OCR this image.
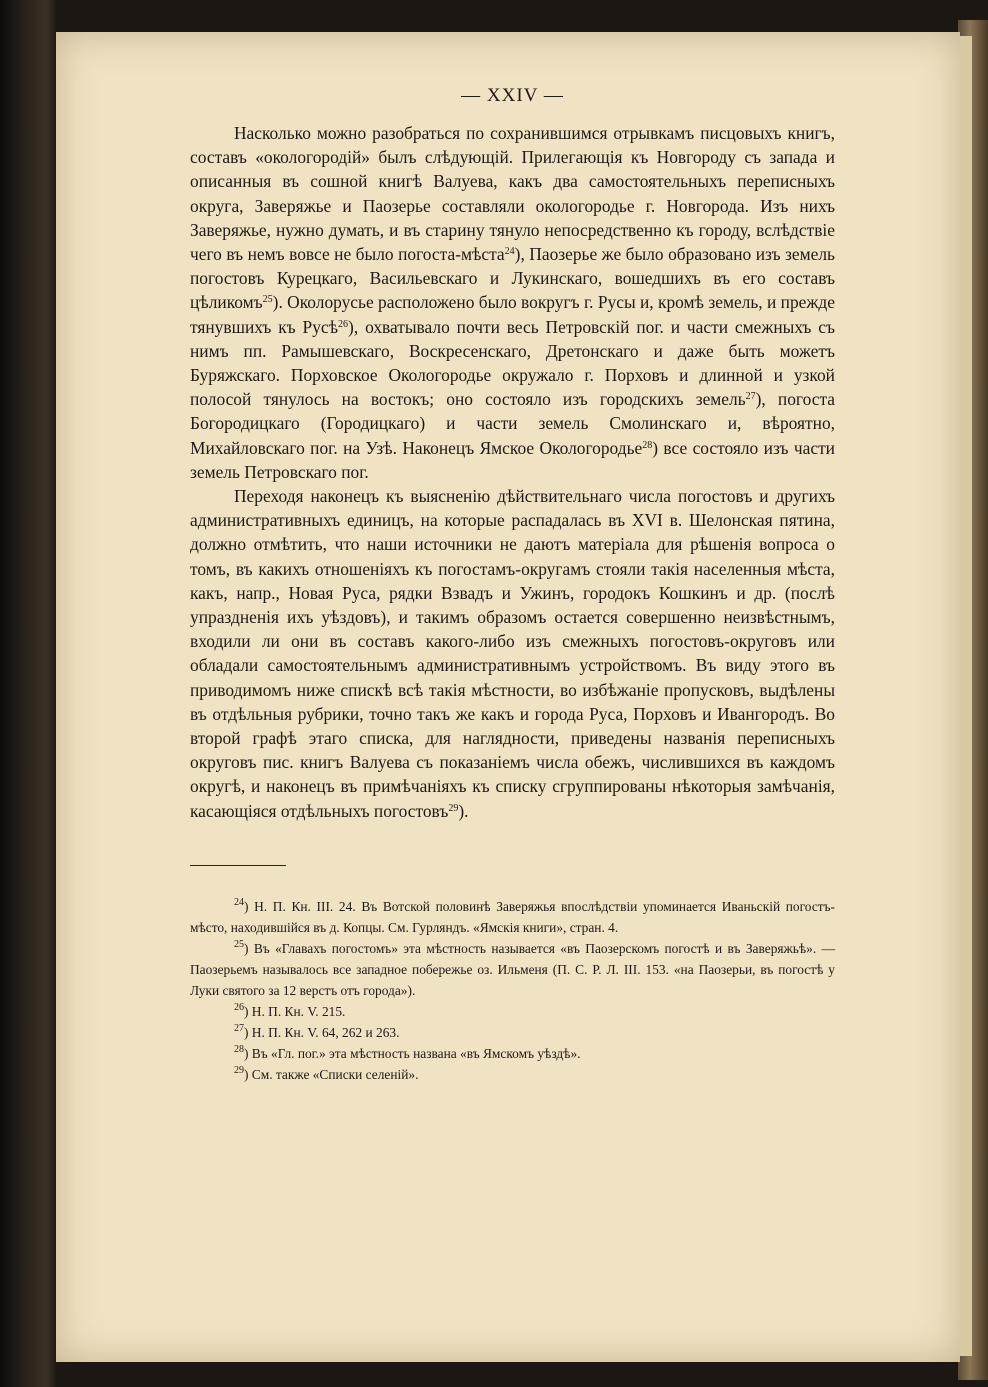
— XXIV —

Насколько можно разобраться по сохранившимся отрывкамъ писцовыхъ книгъ, составъ «окологородій» былъ слѣдующій. Прилегающія къ Новгороду съ запада и описанныя въ сошной книгѣ Валуева, какъ два самостоятельныхъ переписныхъ округа, Заверяжье и Паозерье составляли окологородье г. Новгорода. Изъ нихъ Заверяжье, нужно думать, и въ старину тянуло непосредственно къ городу, вслѣдствіе чего въ немъ вовсе не было погоста-мѣста$^{24}$), Паозерье же было образовано изъ земель погостовъ Курецкаго, Васильевскаго и Лукинскаго, вошедшихъ въ его составъ цѣликомъ$^{25}$). Околорусье расположено было вокругъ г. Русы и, кромѣ земель, и прежде тянувшихъ къ Русѣ$^{26}$), охватывало почти весь Петровскій пог. и части смежныхъ съ нимъ пп. Рамышевскаго, Воскресенскаго, Дретонскаго и даже быть можетъ Буряжскаго. Порховское Окологородье окружало г. Порховъ и длинной и узкой полосой тянулось на востокъ; оно состояло изъ городскихъ земель$^{27}$), погоста Богородицкаго (Городицкаго) и части земель Смолинскаго и, вѣроятно, Михайловскаго пог. на Узѣ. Наконецъ Ямское Окологородье$^{28}$) все состояло изъ части земель Петровскаго пог.

Переходя наконецъ къ выясненію дѣйствительнаго числа погостовъ и другихъ административныхъ единицъ, на которые распадалась въ XVI в. Шелонская пятина, должно отмѣтить, что наши источники не даютъ матеріала для рѣшенія вопроса о томъ, въ какихъ отношеніяхъ къ погостамъ-округамъ стояли такія населенныя мѣста, какъ, напр., Новая Руса, рядки Взвадъ и Ужинъ, городокъ Кошкинъ и др. (послѣ упраздненія ихъ уѣздовъ), и такимъ образомъ остается совершенно неизвѣстнымъ, входили ли они въ составъ какого-либо изъ смежныхъ погостовъ-округовъ или обладали самостоятельнымъ административнымъ устройствомъ. Въ виду этого въ приводимомъ ниже спискѣ всѣ такія мѣстности, во избѣжаніе пропусковъ, выдѣлены въ отдѣльныя рубрики, точно такъ же какъ и города Руса, Порховъ и Ивангородъ. Во второй графѣ этаго списка, для наглядности, приведены названія переписныхъ округовъ пис. книгъ Валуева съ показаніемъ числа обежъ, числившихся въ каждомъ округѣ, и наконецъ въ примѣчаніяхъ къ списку сгруппированы нѣкоторыя замѣчанія, касающіяся отдѣльныхъ погостовъ$^{29}$).

$^{24}$) Н. П. Кн. III. 24. Въ Вотской половинѣ Заверяжья впослѣдствіи упоминается Иваньскій погостъ-мѣсто, находившійся въ д. Копцы. См. Гурляндъ. «Ямскія книги», стран. 4.

$^{25}$) Въ «Главахъ погостомъ» эта мѣстность называется «въ Паозерскомъ погостѣ и въ Заверяжьѣ». — Паозерьемъ называлось все западное побережье оз. Ильменя (П. С. Р. Л. III. 153. «на Паозерьи, въ погостѣ у Луки святого за 12 верстъ отъ города»).

$^{26}$) Н. П. Кн. V. 215.

$^{27}$) Н. П. Кн. V. 64, 262 и 263.

$^{28}$) Въ «Гл. пог.» эта мѣстность названа «въ Ямскомъ уѣздѣ».

$^{29}$) См. также «Списки селеній».
